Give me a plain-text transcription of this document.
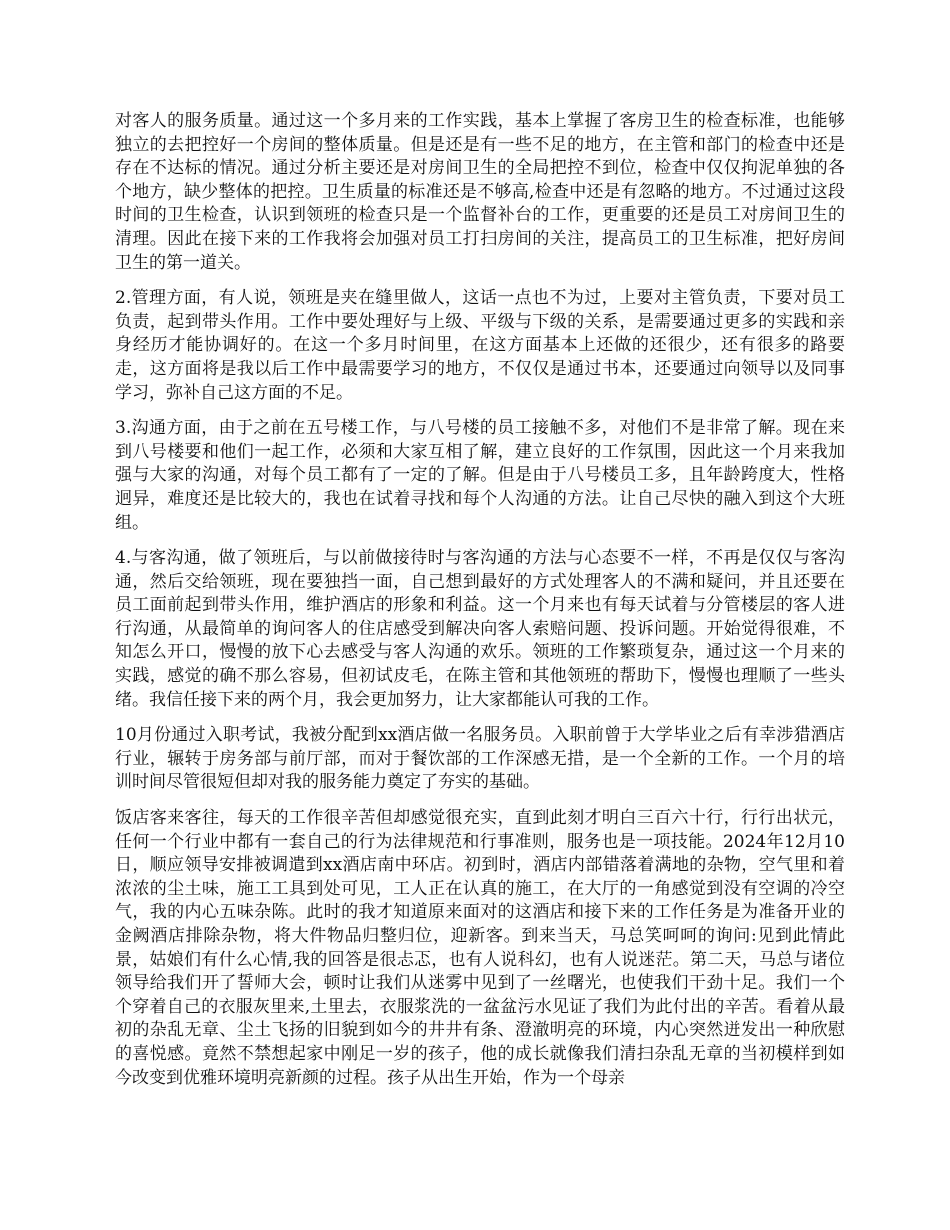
对客人的服务质量。通过这一个多月来的工作实践，基本上掌握了客房卫生的检查标准，也能够独立的去把控好一个房间的整体质量。但是还是有一些不足的地方，在主管和部门的检查中还是存在不达标的情况。通过分析主要还是对房间卫生的全局把控不到位，检查中仅仅拘泥单独的各个地方，缺少整体的把控。卫生质量的标准还是不够高,检查中还是有忽略的地方。不过通过这段时间的卫生检查，认识到领班的检查只是一个监督补台的工作，更重要的还是员工对房间卫生的清理。因此在接下来的工作我将会加强对员工打扫房间的关注，提高员工的卫生标准，把好房间卫生的第一道关。

2.管理方面，有人说，领班是夹在缝里做人，这话一点也不为过，上要对主管负责，下要对员工负责，起到带头作用。工作中要处理好与上级、平级与下级的关系，是需要通过更多的实践和亲身经历才能协调好的。在这一个多月时间里，在这方面基本上还做的还很少，还有很多的路要走，这方面将是我以后工作中最需要学习的地方，不仅仅是通过书本，还要通过向领导以及同事学习，弥补自己这方面的不足。

3.沟通方面，由于之前在五号楼工作，与八号楼的员工接触不多，对他们不是非常了解。现在来到八号楼要和他们一起工作，必须和大家互相了解，建立良好的工作氛围，因此这一个月来我加强与大家的沟通，对每个员工都有了一定的了解。但是由于八号楼员工多，且年龄跨度大，性格迥异，难度还是比较大的，我也在试着寻找和每个人沟通的方法。让自己尽快的融入到这个大班组。

4.与客沟通，做了领班后，与以前做接待时与客沟通的方法与心态要不一样，不再是仅仅与客沟通，然后交给领班，现在要独挡一面，自己想到最好的方式处理客人的不满和疑问，并且还要在员工面前起到带头作用，维护酒店的形象和利益。这一个月来也有每天试着与分管楼层的客人进行沟通，从最简单的询问客人的住店感受到解决向客人索赔问题、投诉问题。开始觉得很难，不知怎么开口，慢慢的放下心去感受与客人沟通的欢乐。领班的工作繁琐复杂，通过这一个月来的实践，感觉的确不那么容易，但初试皮毛，在陈主管和其他领班的帮助下，慢慢也理顺了一些头绪。我信任接下来的两个月，我会更加努力，让大家都能认可我的工作。

10月份通过入职考试，我被分配到xx酒店做一名服务员。入职前曾于大学毕业之后有幸涉猎酒店行业，辗转于房务部与前厅部，而对于餐饮部的工作深感无措，是一个全新的工作。一个月的培训时间尽管很短但却对我的服务能力奠定了夯实的基础。

饭店客来客往，每天的工作很辛苦但却感觉很充实，直到此刻才明白三百六十行，行行出状元，任何一个行业中都有一套自己的行为法律规范和行事准则，服务也是一项技能。2024年12月10日，顺应领导安排被调遣到xx酒店南中环店。初到时，酒店内部错落着满地的杂物，空气里和着浓浓的尘土味，施工工具到处可见，工人正在认真的施工，在大厅的一角感觉到没有空调的冷空气，我的内心五味杂陈。此时的我才知道原来面对的这酒店和接下来的工作任务是为准备开业的金阙酒店排除杂物，将大件物品归整归位，迎新客。到来当天，马总笑呵呵的询问:见到此情此景，姑娘们有什么心情,我的回答是很忐忑，也有人说科幻，也有人说迷茫。第二天，马总与诸位领导给我们开了誓师大会，顿时让我们从迷雾中见到了一丝曙光，也使我们干劲十足。我们一个个穿着自己的衣服灰里来,土里去，衣服浆洗的一盆盆污水见证了我们为此付出的辛苦。看着从最初的杂乱无章、尘土飞扬的旧貌到如今的井井有条、澄澈明亮的环境，内心突然迸发出一种欣慰的喜悦感。竟然不禁想起家中刚足一岁的孩子，他的成长就像我们清扫杂乱无章的当初模样到如今改变到优雅环境明亮新颜的过程。孩子从出生开始，作为一个母亲
